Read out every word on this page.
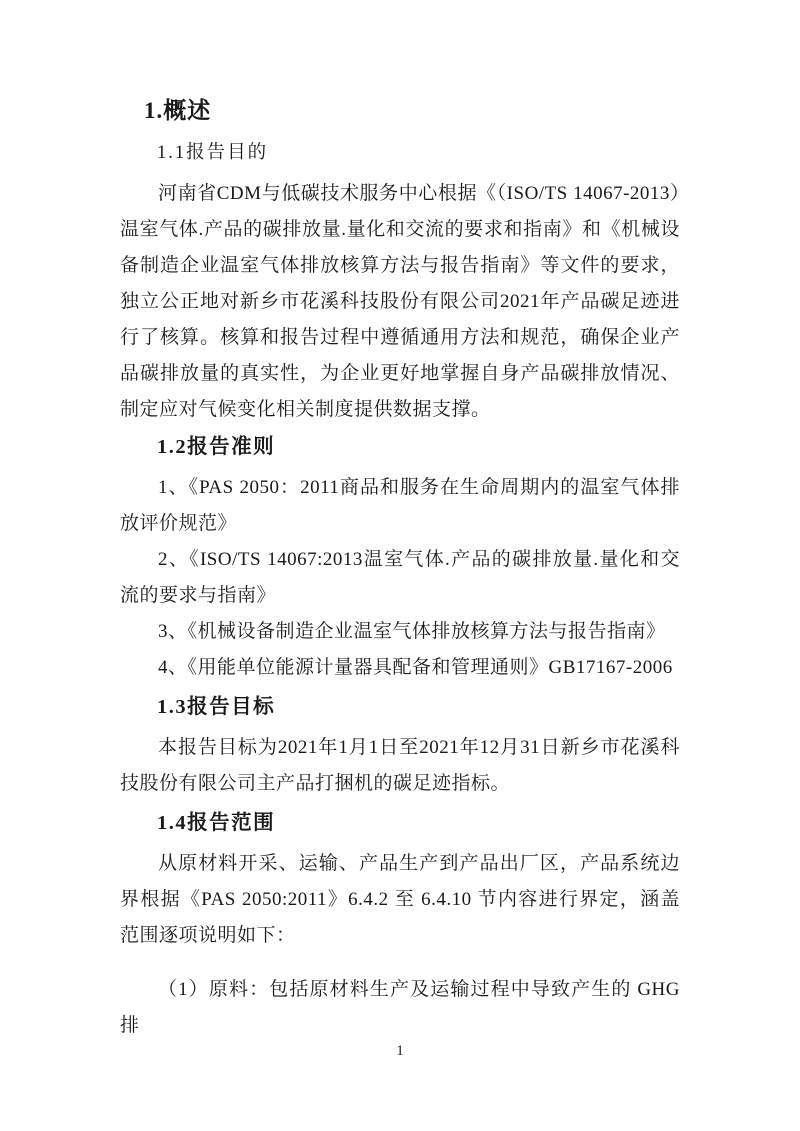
1.概述
1.1报告目的

河南省CDM与低碳技术服务中心根据《（ISO/TS 14067-2013）温室气体.产品的碳排放量.量化和交流的要求和指南》和《机械设备制造企业温室气体排放核算方法与报告指南》等文件的要求，独立公正地对新乡市花溪科技股份有限公司2021年产品碳足迹进行了核算。核算和报告过程中遵循通用方法和规范，确保企业产品碳排放量的真实性，为企业更好地掌握自身产品碳排放情况、制定应对气候变化相关制度提供数据支撑。

1.2报告准则

1、《PAS 2050：2011商品和服务在生命周期内的温室气体排放评价规范》

2、《ISO/TS 14067:2013温室气体.产品的碳排放量.量化和交流的要求与指南》

3、《机械设备制造企业温室气体排放核算方法与报告指南》

4、《用能单位能源计量器具配备和管理通则》GB17167-2006

1.3报告目标

本报告目标为2021年1月1日至2021年12月31日新乡市花溪科技股份有限公司主产品打捆机的碳足迹指标。

1.4报告范围

从原材料开采、运输、产品生产到产品出厂区，产品系统边界根据《PAS 2050:2011》6.4.2 至 6.4.10 节内容进行界定，涵盖范围逐项说明如下：

（1）原料：包括原材料生产及运输过程中导致产生的 GHG 排

1
